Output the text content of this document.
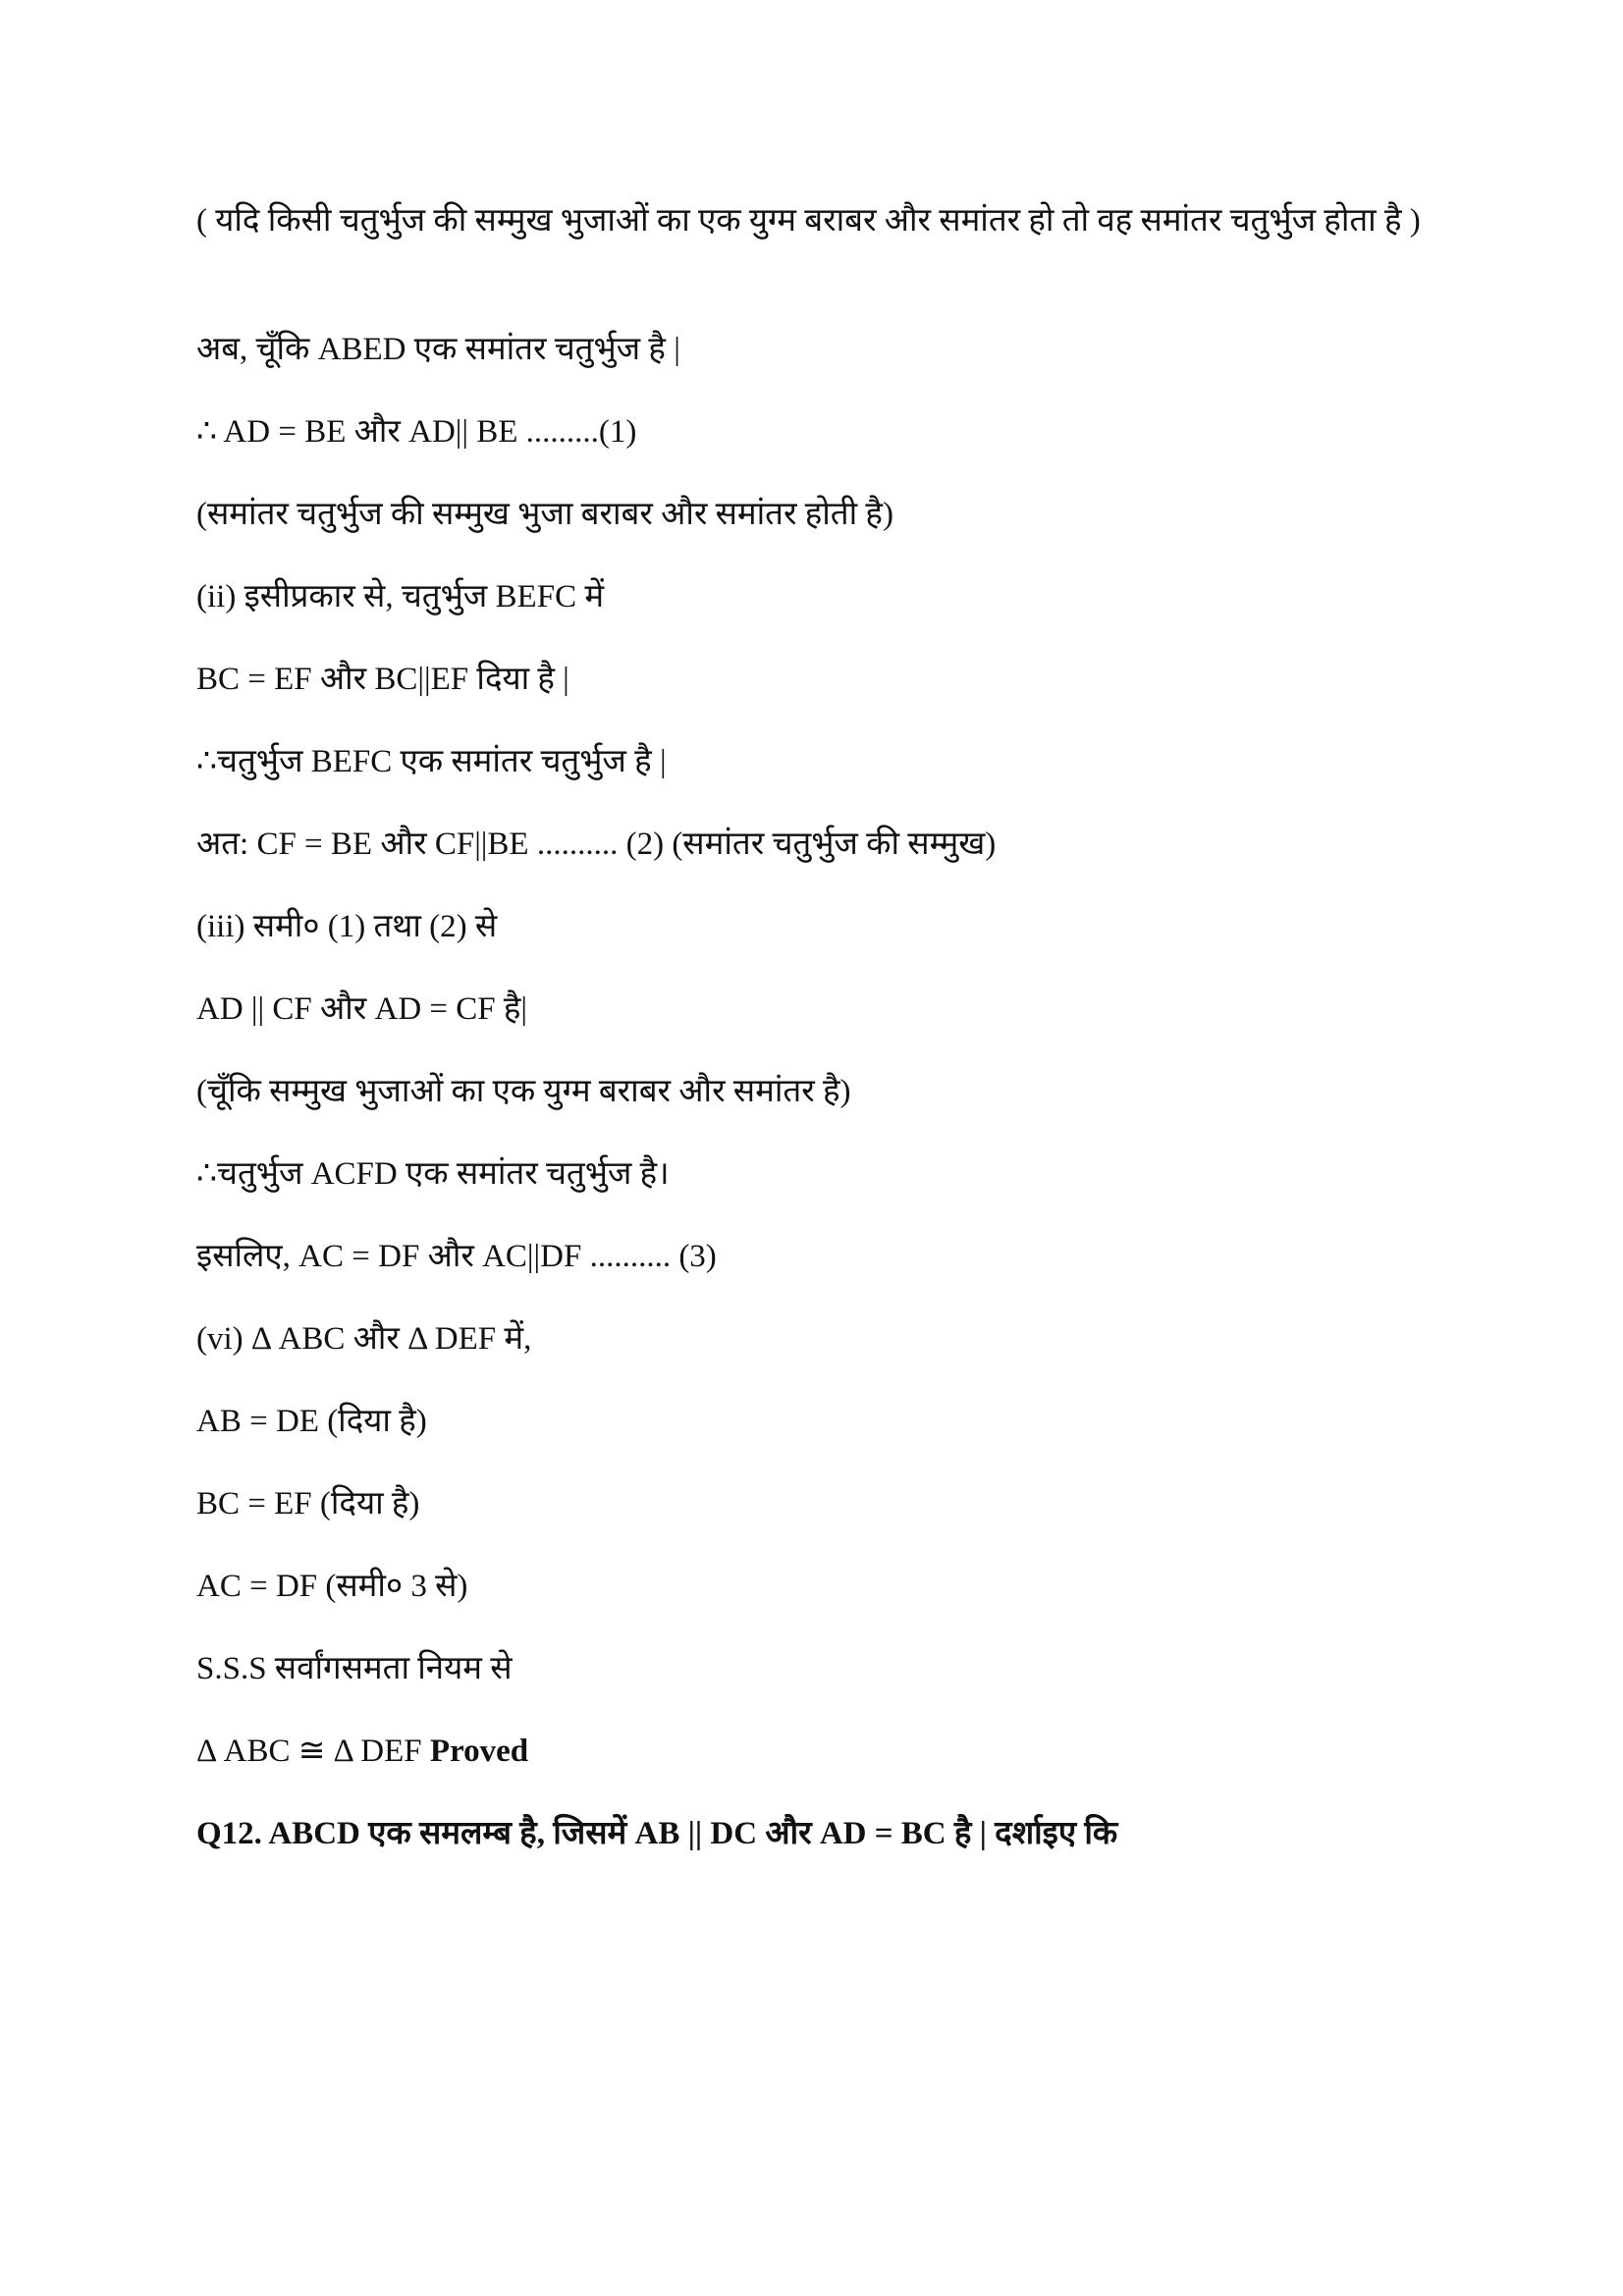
( यदि किसी चतुर्भुज की सम्मुख भुजाओं का एक युग्म बराबर और समांतर हो तो वह समांतर चतुर्भुज होता है )
अब, चूँकि ABED एक समांतर चतुर्भुज है |
∴ AD = BE और AD|| BE .........(1)
(समांतर चतुर्भुज की सम्मुख भुजा बराबर और समांतर होती है)
(ii) इसीप्रकार से, चतुर्भुज BEFC में
BC = EF और BC||EF दिया है |
∴चतुर्भुज BEFC एक समांतर चतुर्भुज है |
अत: CF = BE और CF||BE .......... (2) (समांतर चतुर्भुज की सम्मुख)
(iii) समी० (1) तथा (2) से
AD || CF और AD = CF है|
(चूँकि सम्मुख भुजाओं का एक युग्म बराबर और समांतर है)
∴चतुर्भुज ACFD एक समांतर चतुर्भुज है।
इसलिए, AC = DF और AC||DF .......... (3)
(vi) Δ ABC और Δ DEF में,
AB = DE (दिया है)
BC = EF (दिया है)
AC = DF (समी० 3 से)
S.S.S सर्वांगसमता नियम से
Δ ABC ≅ Δ DEF Proved
Q12. ABCD एक समलम्ब है, जिसमें AB || DC और AD = BC है | दर्शाइए कि
